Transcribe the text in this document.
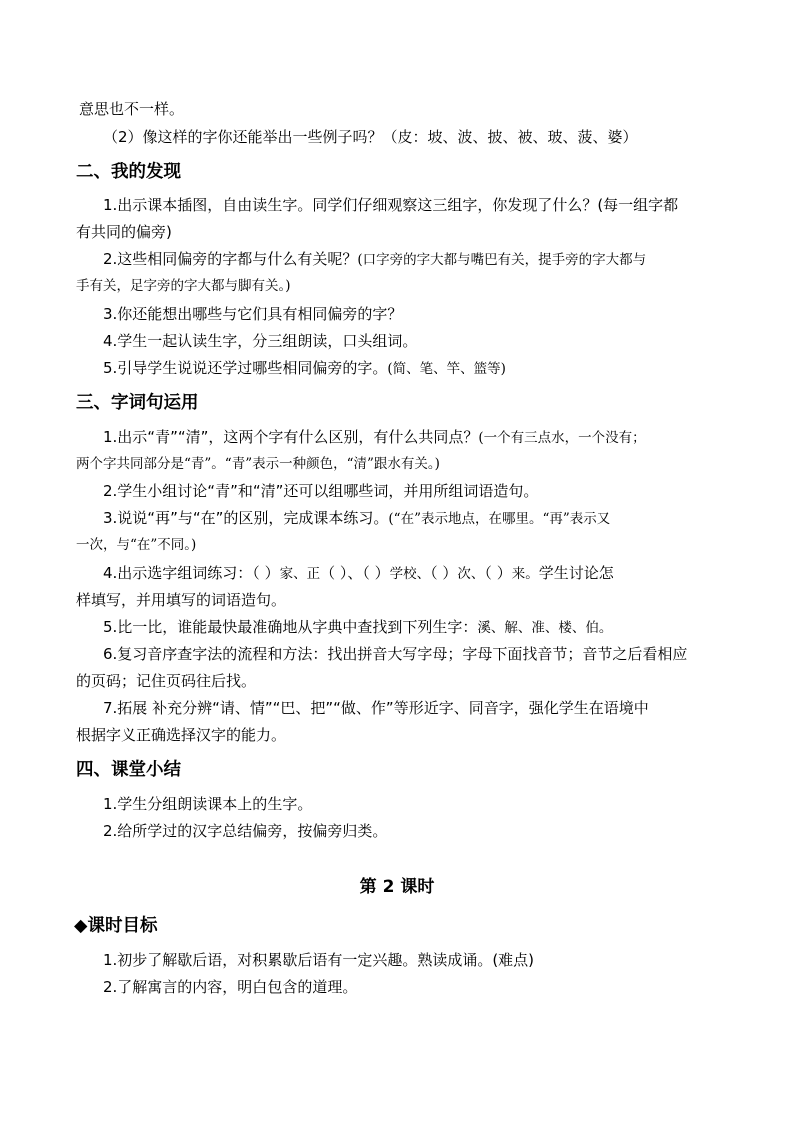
意思也不一样。
（2）像这样的字你还能举出一些例子吗？（皮：坡、波、披、被、玻、菠、婆）
二、我的发现
1.出示课本插图，自由读生字。同学们仔细观察这三组字，你发现了什么？(每一组字都
有共同的偏旁)
2.这些相同偏旁的字都与什么有关呢？(口字旁的字大都与嘴巴有关，提手旁的字大都与
手有关，足字旁的字大都与脚有关。)
3.你还能想出哪些与它们具有相同偏旁的字？
4.学生一起认读生字，分三组朗读，口头组词。
5.引导学生说说还学过哪些相同偏旁的字。(简、笔、竿、篮等)
三、字词句运用
1.出示“青”“清”，这两个字有什么区别，有什么共同点？(一个有三点水，一个没有；
两个字共同部分是“青”。“青”表示一种颜色，“清”跟水有关。)
2.学生小组讨论“青”和“清”还可以组哪些词，并用所组词语造句。
3.说说“再”与“在”的区别，完成课本练习。(“在”表示地点，在哪里。“再”表示又
一次，与“在”不同。)
4.出示选字组词练习：（ ）家、正（ ）、（ ）学校、（ ）次、（ ）来。学生讨论怎
样填写，并用填写的词语造句。
5.比一比，谁能最快最准确地从字典中查找到下列生字：溪、解、准、楼、伯。
6.复习音序查字法的流程和方法：找出拼音大写字母；字母下面找音节；音节之后看相应
的页码；记住页码往后找。
7.拓展 补充分辨“请、情”“巴、把”“做、作”等形近字、同音字，强化学生在语境中
根据字义正确选择汉字的能力。
四、课堂小结
1.学生分组朗读课本上的生字。
2.给所学过的汉字总结偏旁，按偏旁归类。
第 2 课时
◆课时目标
1.初步了解歇后语，对积累歇后语有一定兴趣。熟读成诵。(难点)
2.了解寓言的内容，明白包含的道理。
